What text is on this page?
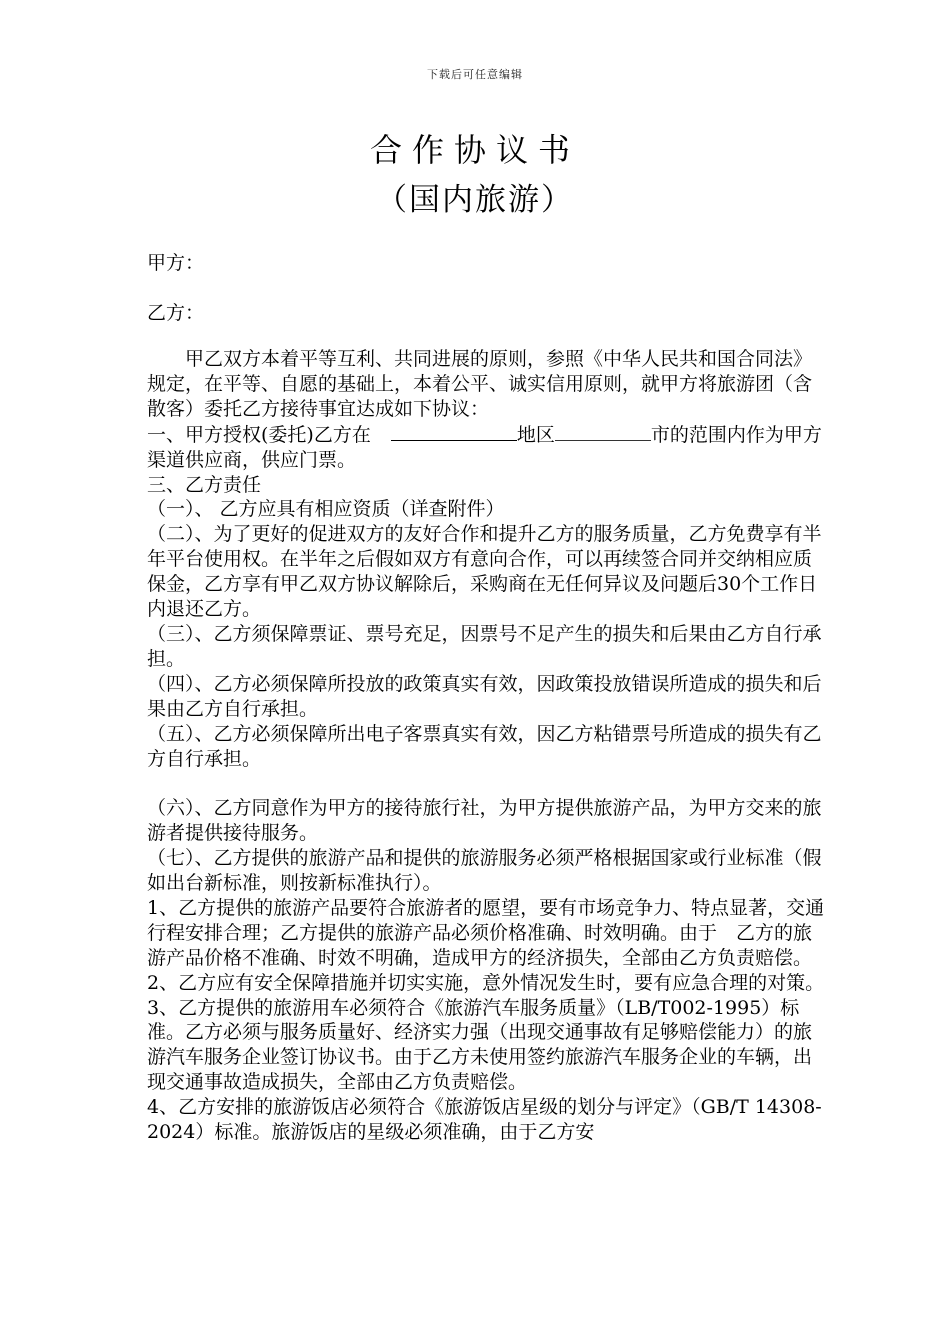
下载后可任意编辑
合作协议书
（国内旅游）
甲方：
乙方：

甲乙双方本着平等互利、共同进展的原则，参照《中华人民共和国合同法》规定，在平等、自愿的基础上，本着公平、诚实信用原则，就甲方将旅游团（含散客）委托乙方接待事宜达成如下协议：

一、甲方授权(委托)乙方在	地区	市的范围内作为甲方渠道供应商，供应门票。

三、乙方责任

（一）、 乙方应具有相应资质（详查附件）

（二）、为了更好的促进双方的友好合作和提升乙方的服务质量，乙方免费享有半年平台使用权。在半年之后假如双方有意向合作，可以再续签合同并交纳相应质保金，乙方享有甲乙双方协议解除后，采购商在无任何异议及问题后30个工作日内退还乙方。

（三）、乙方须保障票证、票号充足，因票号不足产生的损失和后果由乙方自行承担。

（四）、乙方必须保障所投放的政策真实有效，因政策投放错误所造成的损失和后果由乙方自行承担。

（五）、乙方必须保障所出电子客票真实有效，因乙方粘错票号所造成的损失有乙方自行承担。

（六）、乙方同意作为甲方的接待旅行社，为甲方提供旅游产品，为甲方交来的旅游者提供接待服务。

（七）、乙方提供的旅游产品和提供的旅游服务必须严格根据国家或行业标准（假如出台新标准，则按新标准执行）。

1、乙方提供的旅游产品要符合旅游者的愿望，要有市场竞争力、特点显著，交通行程安排合理；乙方提供的旅游产品必须价格准确、时效明确。由于　乙方的旅游产品价格不准确、时效不明确，造成甲方的经济损失，全部由乙方负责赔偿。

2、乙方应有安全保障措施并切实实施，意外情况发生时，要有应急合理的对策。

3、乙方提供的旅游用车必须符合《旅游汽车服务质量》（LB/T002-1995）标准。乙方必须与服务质量好、经济实力强（出现交通事故有足够赔偿能力）的旅游汽车服务企业签订协议书。由于乙方未使用签约旅游汽车服务企业的车辆，出现交通事故造成损失，全部由乙方负责赔偿。

4、乙方安排的旅游饭店必须符合《旅游饭店星级的划分与评定》（GB/T 14308-2024）标准。旅游饭店的星级必须准确，由于乙方安
